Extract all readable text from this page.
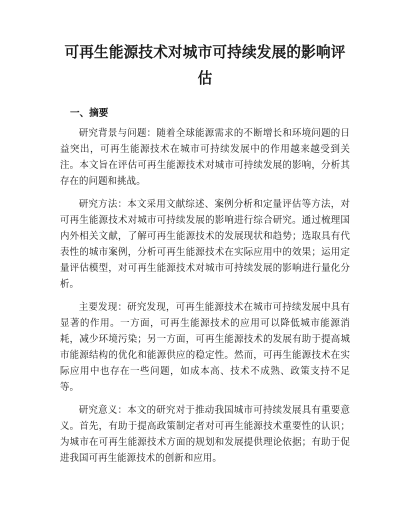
可再生能源技术对城市可持续发展的影响评估
一、摘要

研究背景与问题：随着全球能源需求的不断增长和环境问题的日益突出，可再生能源技术在城市可持续发展中的作用越来越受到关注。本文旨在评估可再生能源技术对城市可持续发展的影响，分析其存在的问题和挑战。

研究方法：本文采用文献综述、案例分析和定量评估等方法，对可再生能源技术对城市可持续发展的影响进行综合研究。通过梳理国内外相关文献，了解可再生能源技术的发展现状和趋势；选取具有代表性的城市案例，分析可再生能源技术在实际应用中的效果；运用定量评估模型，对可再生能源技术对城市可持续发展的影响进行量化分析。

主要发现：研究发现，可再生能源技术在城市可持续发展中具有显著的作用。一方面，可再生能源技术的应用可以降低城市能源消耗，减少环境污染；另一方面，可再生能源技术的发展有助于提高城市能源结构的优化和能源供应的稳定性。然而，可再生能源技术在实际应用中也存在一些问题，如成本高、技术不成熟、政策支持不足等。

研究意义：本文的研究对于推动我国城市可持续发展具有重要意义。首先，有助于提高政策制定者对可再生能源技术重要性的认识；为城市在可再生能源技术方面的规划和发展提供理论依据；有助于促进我国可再生能源技术的创新和应用。
